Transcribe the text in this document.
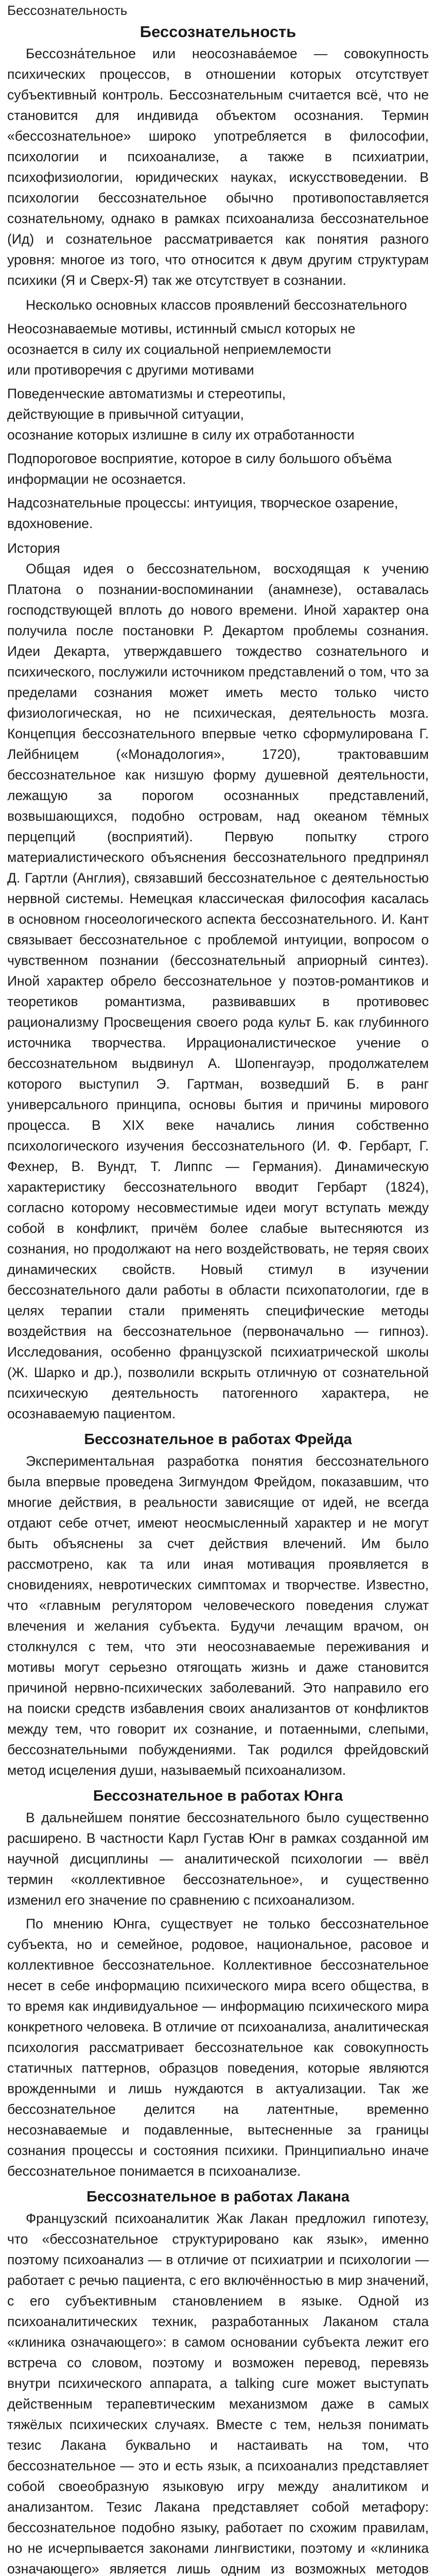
Бессознательность
Бессознательность

Бессозна́тельное или неосознава́емое — совокупность психических процессов, в отношении которых отсутствует субъективный контроль. Бессознательным считается всё, что не становится для индивида объектом осознания. Термин «бессознательное» широко употребляется в философии, психологии и психоанализе, а также в психиатрии, психофизиологии, юридических науках, искусствоведении. В психологии бессознательное обычно противопоставляется сознательному, однако в рамках психоанализа бессознательное (Ид) и сознательное рассматривается как понятия разного уровня: многое из того, что относится к двум другим структурам психики (Я и Сверх-Я) так же отсутствует в сознании.

Несколько основных классов проявлений бессознательного

Неосознаваемые мотивы, истинный смысл которых не

осознается в силу их социальной неприемлемости

или противоречия с другими мотивами

Поведенческие автоматизмы и стереотипы,

действующие в привычной ситуации,

осознание которых излишне в силу их отработанности

Подпороговое восприятие, которое в силу большого объёма информации не осознается.

Надсознательные процессы: интуиция, творческое озарение, вдохновение.

История

Общая идея о бессознательном, восходящая к учению Платона о познании-воспоминании (анамнезе), оставалась господствующей вплоть до нового времени. Иной характер она получила после постановки Р. Декартом проблемы сознания. Идеи Декарта, утверждавшего тождество сознательного и психического, послужили источником представлений о том, что за пределами сознания может иметь место только чисто физиологическая, но не психическая, деятельность мозга. Концепция бессознательного впервые четко сформулирована Г. Лейбницем («Монадология», 1720), трактовавшим бессознательное как низшую форму душевной деятельности, лежащую за порогом осознанных представлений, возвышающихся, подобно островам, над океаном тёмных перцепций (восприятий). Первую попытку строго материалистического объяснения бессознательного предпринял Д. Гартли (Англия), связавший бессознательное с деятельностью нервной системы. Немецкая классическая философия касалась в основном гносеологического аспекта бессознательного. И. Кант связывает бессознательное с проблемой интуиции, вопросом о чувственном познании (бессознательный априорный синтез). Иной характер обрело бессознательное у поэтов-романтиков и теоретиков романтизма, развивавших в противовес рационализму Просвещения своего рода культ Б. как глубинного источника творчества. Иррационалистическое учение о бессознательном выдвинул А. Шопенгауэр, продолжателем которого выступил Э. Гартман, возведший Б. в ранг универсального принципа, основы бытия и причины мирового процесса. В XIX веке начались линия собственно психологического изучения бессознательного (И. Ф. Гербарт, Г. Фехнер, В. Вундт, Т. Липпс — Германия). Динамическую характеристику бессознательного вводит Гербарт (1824), согласно которому несовместимые идеи могут вступать между собой в конфликт, причём более слабые вытесняются из сознания, но продолжают на него воздействовать, не теряя своих динамических свойств. Новый стимул в изучении бессознательного дали работы в области психопатологии, где в целях терапии стали применять специфические методы воздействия на бессознательное (первоначально — гипноз). Исследования, особенно французской психиатрической школы (Ж. Шарко и др.), позволили вскрыть отличную от сознательной психическую деятельность патогенного характера, не осознаваемую пациентом.

Бессознательное в работах Фрейда

Экспериментальная разработка понятия бессознательного была впервые проведена Зигмундом Фрейдом, показавшим, что многие действия, в реальности зависящие от идей, не всегда отдают себе отчет, имеют неосмысленный характер и не могут быть объяснены за счет действия влечений. Им было рассмотрено, как та или иная мотивация проявляется в сновидениях, невротических симптомах и творчестве. Известно, что «главным регулятором человеческого поведения служат влечения и желания субъекта. Будучи лечащим врачом, он столкнулся с тем, что эти неосознаваемые переживания и мотивы могут серьезно отягощать жизнь и даже становится причиной нервно-психических заболеваний. Это направило его на поиски средств избавления своих анализантов от конфликтов между тем, что говорит их сознание, и потаенными, слепыми, бессознательными побуждениями. Так родился фрейдовский метод исцеления души, называемый психоанализом.

Бессознательное в работах Юнга

В дальнейшем понятие бессознательного было существенно расширено. В частности Карл Густав Юнг в рамках созданной им научной дисциплины — аналитической психологии — ввёл термин «коллективное бессознательное», и существенно изменил его значение по сравнению с психоанализом.

По мнению Юнга, существует не только бессознательное субъекта, но и семейное, родовое, национальное, расовое и коллективное бессознательное. Коллективное бессознательное несет в себе информацию психического мира всего общества, в то время как индивидуальное — информацию психического мира конкретного человека. В отличие от психоанализа, аналитическая психология рассматривает бессознательное как совокупность статичных паттернов, образцов поведения, которые являются врожденными и лишь нуждаются в актуализации. Так же бессознательное делится на латентные, временно несознаваемые и подавленные, вытесненные за границы сознания процессы и состояния психики. Принципиально иначе бессознательное понимается в психоанализе.

Бессознательное в работах Лакана

Французский психоаналитик Жак Лакан предложил гипотезу, что «бессознательное структурировано как язык», именно поэтому психоанализ — в отличие от психиатрии и психологии — работает с речью пациента, с его включённостью в мир значений, с его субъективным становлением в языке. Одной из психоаналитических техник, разработанных Лаканом стала «клиника означающего»: в самом основании субъекта лежит его встреча со словом, поэтому и возможен перевод, перевязь внутри психического аппарата, а talking cure может выступать действенным терапевтическим механизмом даже в самых тяжёлых психических случаях. Вместе с тем, нельзя понимать тезис Лакана буквально и настаивать на том, что бессознательное — это и есть язык, а психоанализ представляет собой своеобразную языковую игру между аналитиком и анализантом. Тезис Лакана представляет собой метафору: бессознательное подобно языку, работает по схожим правилам, но не исчерпывается законами лингвистики, поэтому и «клиника означающего» является лишь одним из возможных методов
